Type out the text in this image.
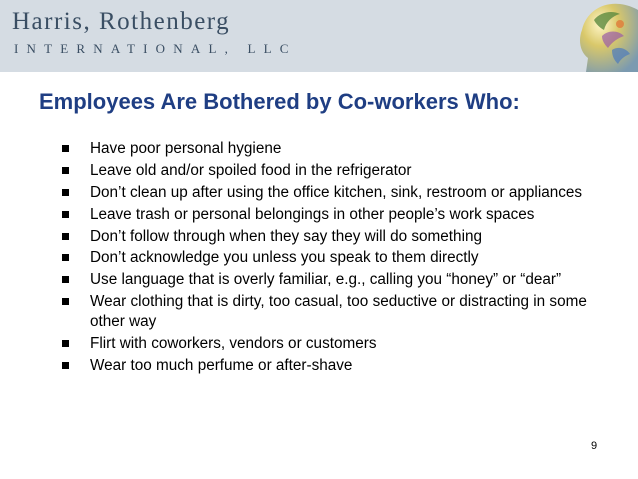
Harris, Rothenberg
INTERNATIONAL, LLC
Employees Are Bothered by Co-workers Who:
Have poor personal hygiene
Leave old and/or spoiled food in the refrigerator
Don’t clean up after using the office kitchen, sink, restroom or appliances
Leave trash or personal belongings in other people’s work spaces
Don’t follow through when they say they will do something
Don’t acknowledge you unless you speak to them directly
Use language that is overly familiar, e.g., calling you “honey” or “dear”
Wear clothing that is dirty, too casual, too seductive or distracting in some other way
Flirt with coworkers, vendors or customers
Wear too much perfume or after-shave
9
